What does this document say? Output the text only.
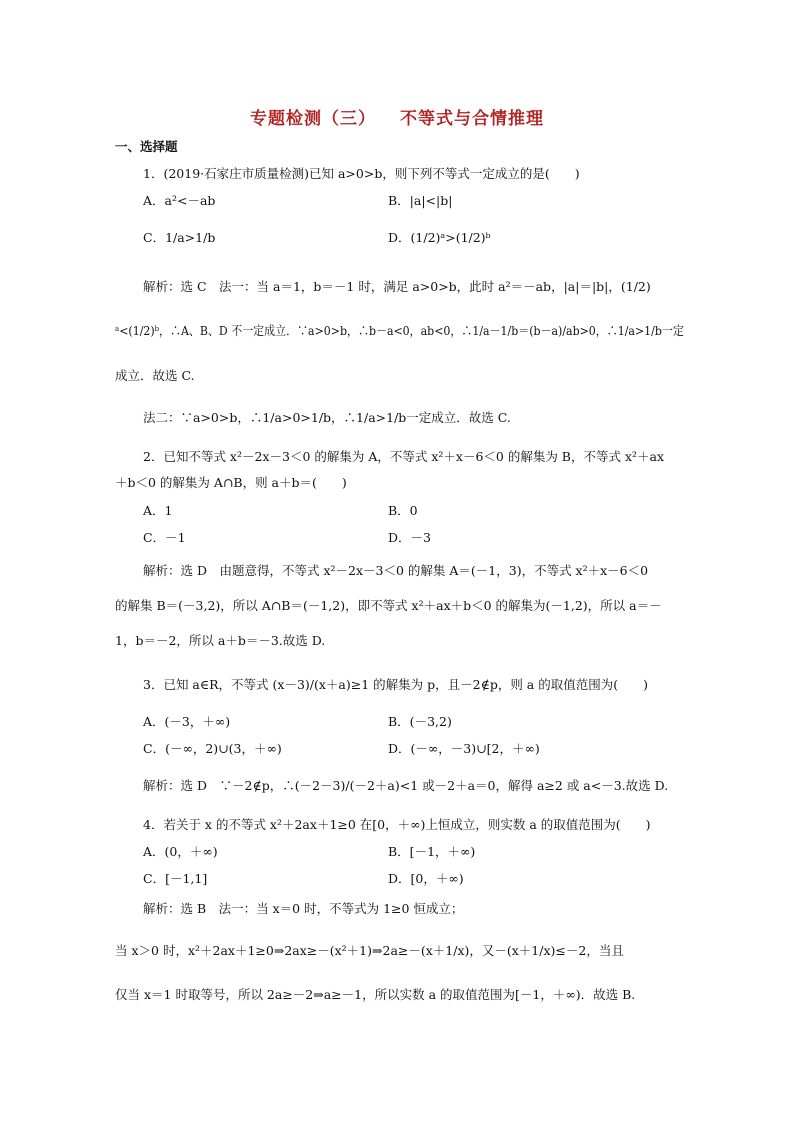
专题检测（三） 不等式与合情推理
一、选择题
1．(2019·石家庄市质量检测)已知 a>0>b，则下列不等式一定成立的是(　　)
A．a²<－ab	B．|a|<|b|
C．1/a>1/b	D．(1/2)ᵃ>(1/2)ᵇ
解析：选 C　法一：当 a＝1，b＝－1 时，满足 a>0>b，此时 a²＝－ab，|a|＝|b|，(1/2)
ᵃ<(1/2)ᵇ，∴A、B、D 不一定成立．∵a>0>b，∴b－a<0，ab<0，∴1/a－1/b＝(b－a)/ab>0，∴1/a>1/b一定
成立．故选 C.
法二：∵a>0>b，∴1/a>0>1/b，∴1/a>1/b一定成立．故选 C.
2．已知不等式 x²－2x－3＜0 的解集为 A，不等式 x²＋x－6＜0 的解集为 B，不等式 x²＋ax
＋b＜0 的解集为 A∩B，则 a＋b＝(　　)
A．1	B．0
C．－1	D．－3
解析：选 D　由题意得，不等式 x²－2x－3＜0 的解集 A＝(－1，3)，不等式 x²＋x－6＜0
的解集 B＝(－3,2)，所以 A∩B＝(－1,2)，即不等式 x²＋ax＋b＜0 的解集为(－1,2)，所以 a＝－
1，b＝－2，所以 a＋b＝－3.故选 D.
3．已知 a∈R，不等式 (x－3)/(x＋a)≥1 的解集为 p，且－2∉p，则 a 的取值范围为(　　)
A．(－3，＋∞)	B．(－3,2)
C．(－∞，2)∪(3，＋∞)	D．(－∞，－3)∪[2，＋∞)
解析：选 D　∵－2∉p，∴(－2－3)/(－2＋a)<1 或－2＋a＝0，解得 a≥2 或 a<－3.故选 D.
4．若关于 x 的不等式 x²＋2ax＋1≥0 在[0，＋∞)上恒成立，则实数 a 的取值范围为(　　)
A．(0，＋∞)	B．[－1，＋∞)
C．[－1,1]	D．[0，＋∞)
解析：选 B　法一：当 x＝0 时，不等式为 1≥0 恒成立；
当 x＞0 时，x²＋2ax＋1≥0⇒2ax≥－(x²＋1)⇒2a≥－(x＋1/x)，又－(x＋1/x)≤－2，当且
仅当 x＝1 时取等号，所以 2a≥－2⇒a≥－1，所以实数 a 的取值范围为[－1，＋∞)．故选 B.
